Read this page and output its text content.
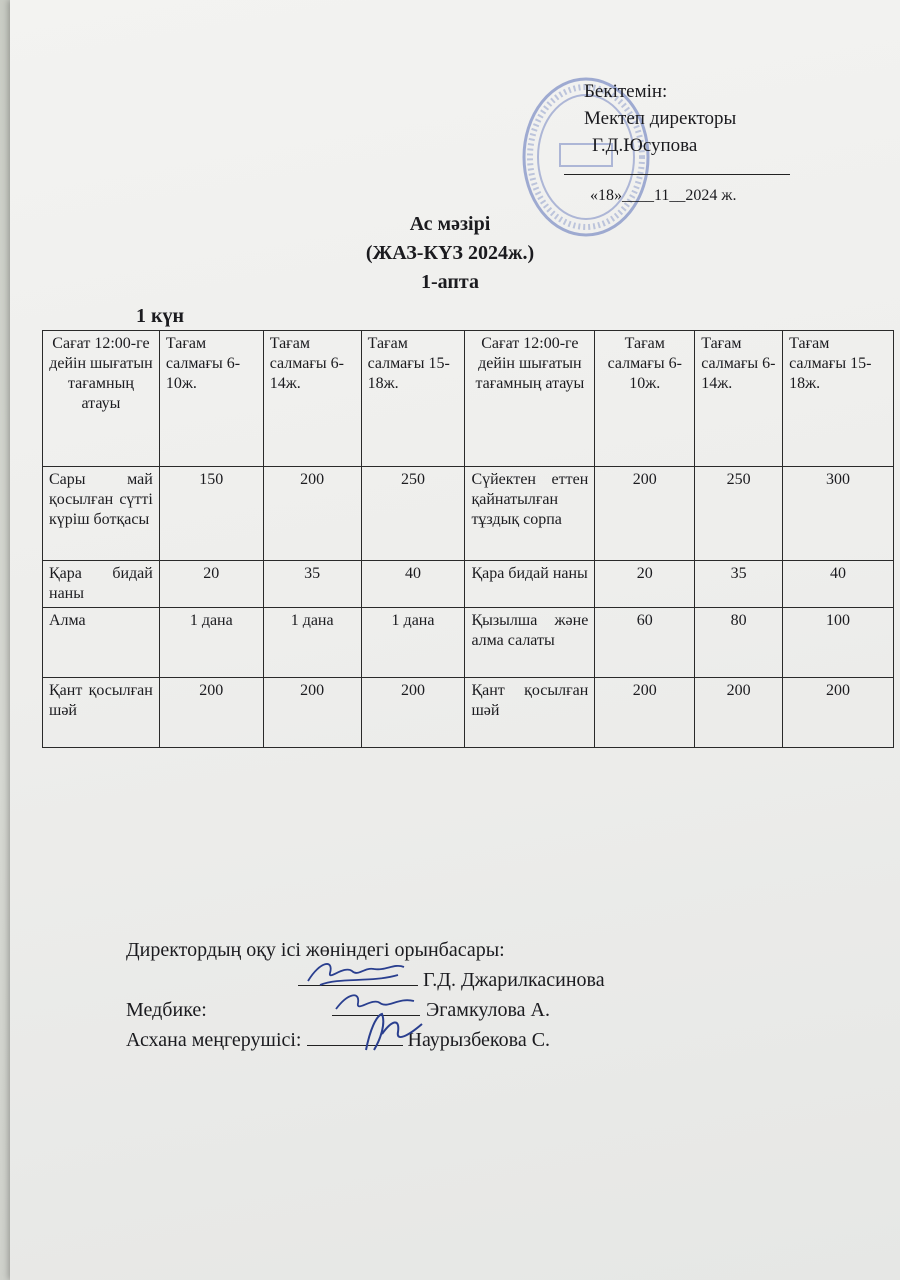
Бекітемін:
Мектеп директоры
Г.Д.Юсупова
«18»____11__2024 ж.
Ас мәзірі
(ЖАЗ-КҮЗ 2024ж.)
1-апта
1 күн
Сағат 12:00-ге дейін шығатын тағамның атауы	Тағам салмағы 6-10ж.	Тағам салмағы 6-14ж.	Тағам салмағы 15-18ж.	Сағат 12:00-ге дейін шығатын тағамның атауы	Тағам салмағы 6-10ж.	Тағам салмағы 6-14ж.	Тағам салмағы 15-18ж.
Сары май қосылған сүтті күріш ботқасы	150	200	250	Сүйектен еттен қайнатылған тұздық сорпа	200	250	300
Қара бидай наны	20	35	40	Қара бидай наны	20	35	40
Алма	1 дана	1 дана	1 дана	Қызылша және алма салаты	60	80	100
Қант қосылған шәй	200	200	200	Қант қосылған шәй	200	200	200
Директордың оқу ісі жөніндегі орынбасары:
Г.Д. Джарилкасинова
Медбике:	Эгамкулова А.
Асхана меңгерушісі:	Наурызбекова С.
